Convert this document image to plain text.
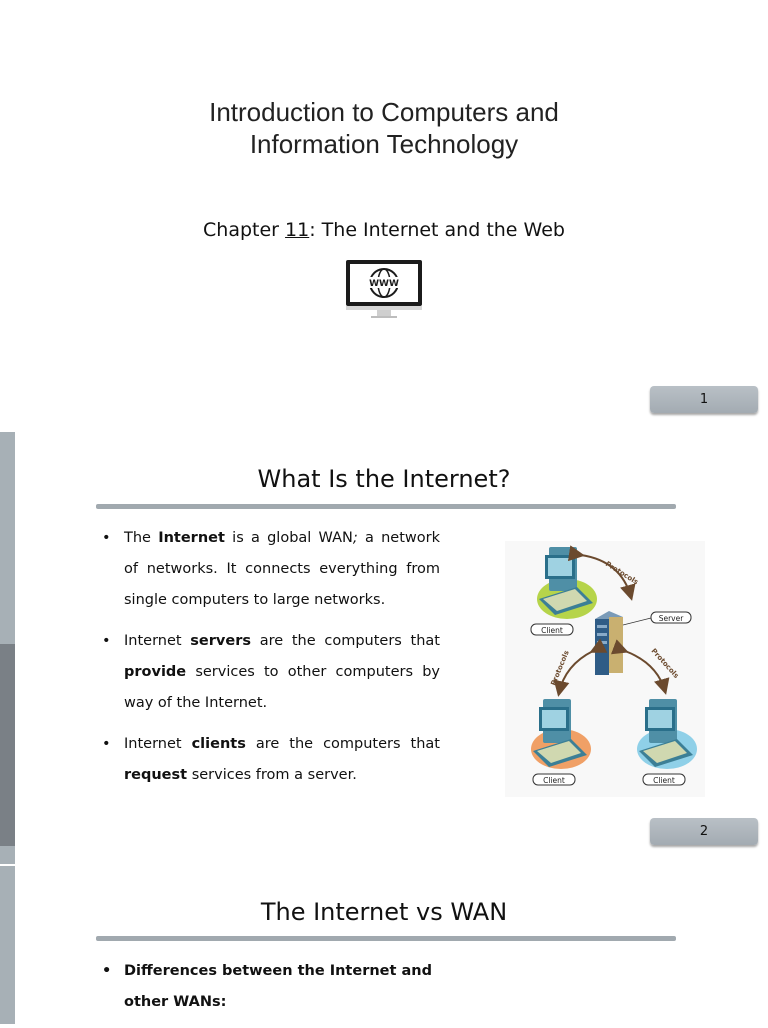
Introduction to Computers and
Information Technology
Chapter 11: The Internet and the Web
WWW
1
What Is the Internet?
• The Internet is a global WAN; a network of networks. It connects everything from single computers to large networks.
• Internet servers are the computers that provide services to other computers by way of the Internet.
• Internet clients are the computers that request services from a server.
Client
Server
Protocols
Protocols	Protocols
Client	Client
2
The Internet vs WAN
• Differences between the Internet and other WANs:
